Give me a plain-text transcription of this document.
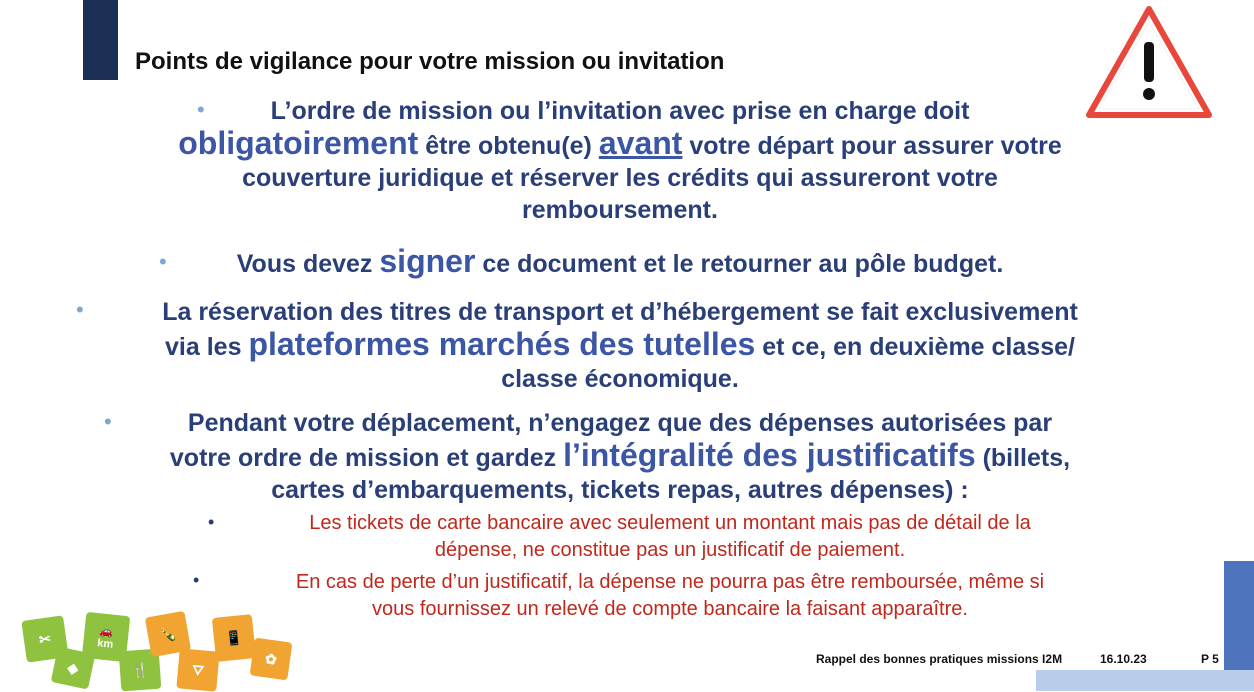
Points de vigilance pour votre mission ou invitation
•	L’ordre de mission ou l’invitation avec prise en charge doit
obligatoirement être obtenu(e) avant votre départ pour assurer votre
couverture juridique et réserver les crédits qui assureront votre
remboursement.

•	Vous devez signer ce document et le retourner au pôle budget.

•	La réservation des titres de transport et d’hébergement se fait exclusivement
via les plateformes marchés des tutelles et ce, en deuxième classe/
classe économique.

•	Pendant votre déplacement, n’engagez que des dépenses autorisées par
votre ordre de mission et gardez l’intégralité des justificatifs (billets,
cartes d’embarquements, tickets repas, autres dépenses) :

•	Les tickets de carte bancaire avec seulement un montant mais pas de détail de la
dépense, ne constitue pas un justificatif de paiement.

•	En cas de perte d’un justificatif, la dépense ne pourra pas être remboursée, même si
vous fournissez un relevé de compte bancaire la faisant apparaître.

✂	🚗
km
◆	🍴
🍾
⛛
📱
✿	Rappel des bonnes pratiques missions I2M	16.10.23	P 5
